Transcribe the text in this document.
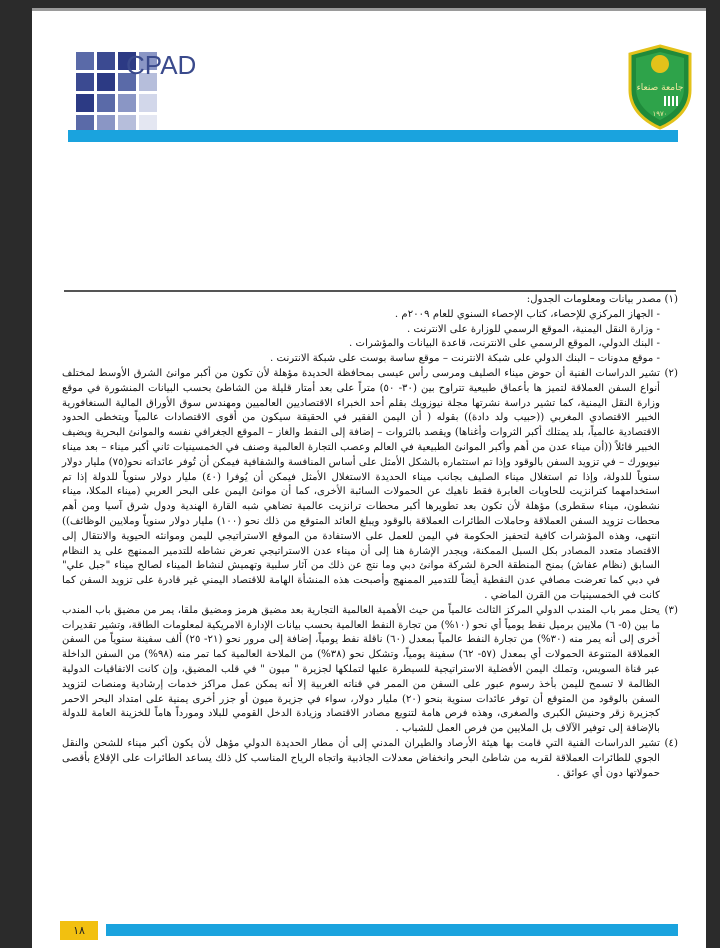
CPAD
جامعة صنعاء
١٩٧٠

(١) مصدر بيانات ومعلومات الجدول:

- الجهاز المركزي للإحصاء، كتاب الإحصاء السنوي للعام ٢٠٠٩م .

- وزارة النقل اليمنية، الموقع الرسمي للوزارة على الانترنت .

- البنك الدولي، الموقع الرسمي على الانترنت، قاعدة البيانات والمؤشرات .

- موقع مدونات – البنك الدولي على شبكة الانترنت – موقع ساسة بوست على شبكة الانترنت .

(٢)

تشير الدراسات الفنية أن حوض ميناء الصليف ومرسى رأس عيسى بمحافظة الحديدة مؤهلة لأن تكون من أكبر موانئ الشرق الأوسط لمختلف أنواع السفن العملاقة لتميز ها بأعماق طبيعية تتراوح بين (٣٠- ٥٠) متراً على بعد أمتار قليلة من الشاطئ بحسب البيانات المنشورة في موقع وزارة النقل اليمنية، كما تشير دراسة نشرتها مجلة نيوزويك بقلم أحد الخبراء الاقتصاديين العالميين ومهندس سوق الأوراق المالية السنغافورية الخبير الاقتصادي المغربي ((حبيب ولد دادة)) بقوله ( أن اليمن الفقير في الحقيقة سيكون من أقوى الاقتصادات عالمياً ويتخطى الحدود الاقتصادية عالمياً، بلد يمتلك أكبر الثروات وأغناها) ويقصد بالثروات – إضافة إلى النفط والغاز – الموقع الجغرافي نفسه والموانئ البحرية ويضيف الخبير قائلاً ((أن ميناء عدن من أهم وأكبر الموانئ الطبيعية في العالم وعصب التجارة العالمية وصنف في الخمسينيات ثاني أكبر ميناء – بعد ميناء نيويورك – في تزويد السفن بالوقود وإذا تم استثماره بالشكل الأمثل على أساس المنافسة والشفافية فيمكن أن تُوفر عائداته نحو(٧٥) مليار دولار سنوياً للدولة، وإذا تم استغلال ميناء الصليف بجانب ميناء الحديدة الاستغلال الأمثل فيمكن أن يُوفرا (٤٠) مليار دولار سنوياً للدولة إذا تم استخدامهما كترانزيت للحاويات العابرة فقط ناهيك عن الحمولات السائبة الأخرى، كما أن موانئ اليمن على البحر العربي (ميناء المكلا، ميناء نشطون، ميناء سقطرى) مؤهلة لأن تكون بعد تطويرها أكبر محطات ترانزيت عالمية تضاهي شبه القارة الهندية ودول شرق آسيا ومن أهم محطات تزويد السفن العملاقة وحاملات الطائرات العملاقة بالوقود ويبلغ العائد المتوقع من ذلك نحو (١٠٠) مليار دولار سنوياً وملايين الوظائف)) انتهى، وهذه المؤشرات كافية لتحفيز الحكومة في اليمن للعمل على الاستفادة من الموقع الاستراتيجي لليمن وموانئه الحيوية والانتقال إلى الاقتصاد متعدد المصادر بكل السبل الممكنة، ويجدر الإشارة هنا إلى أن ميناء عدن الاستراتيجي تعرض نشاطه للتدمير الممنهج على يد النظام السابق (نظام عفاش) بمنح المنطقة الحرة لشركة موانئ دبي وما نتج عن ذلك من آثار سلبية وتهميش لنشاط الميناء لصالح ميناء "جبل علي" في دبي كما تعرضت مصافي عدن النفطية أيضاً للتدمير الممنهج وأصبحت هذه المنشأة الهامة للاقتصاد اليمني غير قادرة على تزويد السفن كما كانت في الخمسينيات من القرن الماضي .

(٣)

يحتل ممر باب المندب الدولي المركز الثالث عالمياً من حيث الأهمية العالمية التجارية بعد مضيق هرمز ومضيق ملقا، يمر من مضيق باب المندب ما بين (٥- ٦) ملايين برميل نفط يومياً أي نحو (١٠%) من تجارة النفط العالمية بحسب بيانات الإدارة الامريكية لمعلومات الطاقة، وتشير تقديرات أخرى إلى أنه يمر منه (٣٠%) من تجارة النفط عالمياً بمعدل (٦٠) ناقلة نفط يومياً، إضافة إلى مرور نحو (٢١- ٢٥) ألف سفينة سنوياً من السفن العملاقة المتنوعة الحمولات أي بمعدل (٥٧- ٦٢) سفينة يومياً، وتشكل نحو (٣٨%) من الملاحة العالمية كما تمر منه (٩٨%) من السفن الداخلة عبر قناة السويس، وتملك اليمن الأفضلية الاستراتيجية للسيطرة عليها لتملكها لجزيرة " ميون " في قلب المضيق، وإن كانت الاتفاقيات الدولية الظالمة لا تسمح لليمن بأخذ رسوم عبور على السفن من الممر في قناته الغربية إلا أنه يمكن عمل مراكز خدمات إرشادية ومنصات لتزويد السفن بالوقود من المتوقع أن توفر عائدات سنوية بنحو (٢٠) مليار دولار، سواء في جزيرة ميون أو جزر أخرى يمنية على امتداد البحر الاحمر كجزيرة زقر وحنيش الكبرى والصغرى، وهذه فرص هامة لتنويع مصادر الاقتصاد وزيادة الدخل القومي للبلاد ومورداً هاماً للخزينة العامة للدولة بالإضافة إلى توفير الآلاف بل الملايين من فرص العمل للشباب .

(٤)

تشير الدراسات الفنية التي قامت بها هيئة الأرصاد والطيران المدني إلى أن مطار الحديدة الدولي مؤهل لأن يكون أكبر ميناء للشحن والنقل الجوي للطائرات العملاقة لقربه من شاطئ البحر وانخفاض معدلات الجاذبية واتجاه الرياح المناسب كل ذلك يساعد الطائرات على الإقلاع بأقصى حمولاتها دون أي عوائق .

١٨
